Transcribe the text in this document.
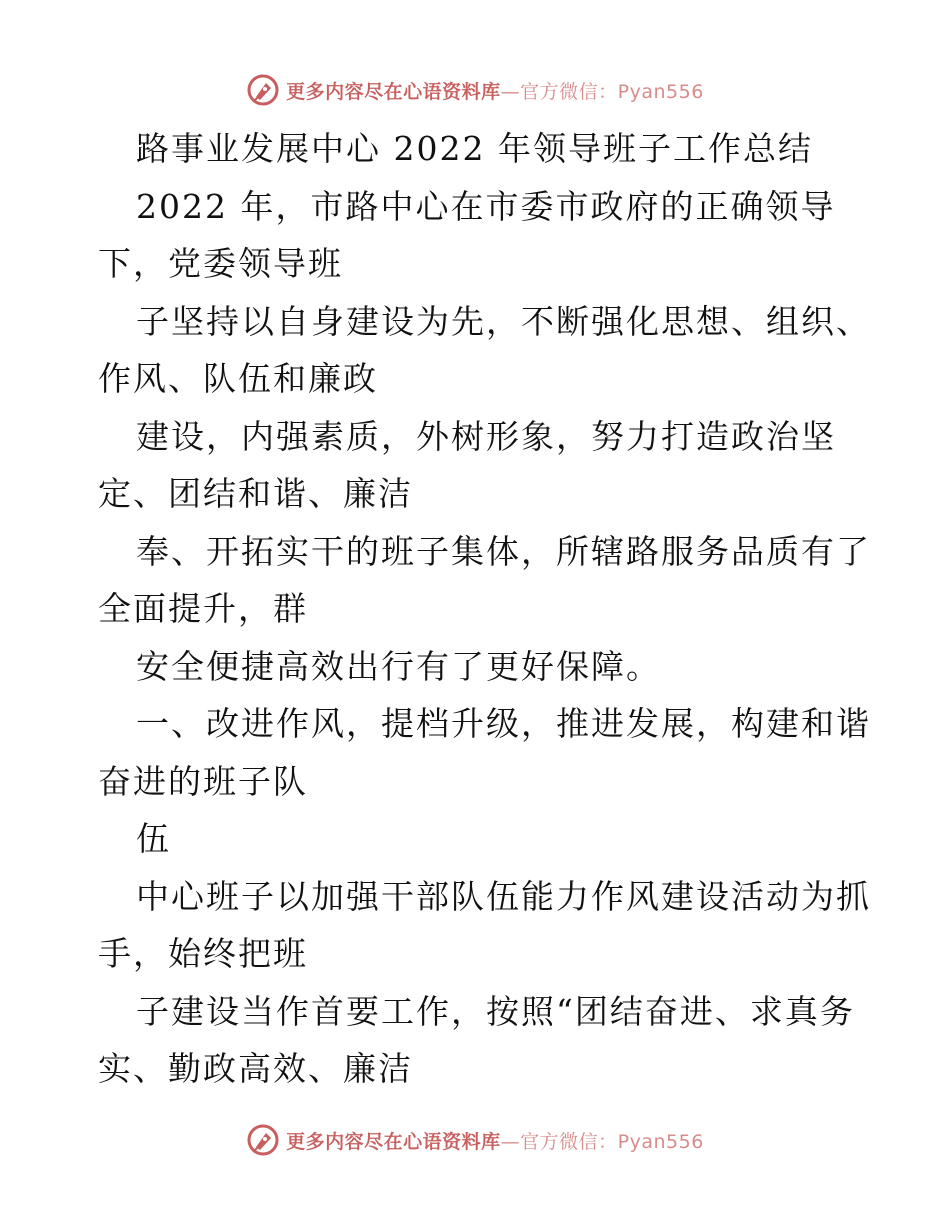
更多内容尽在心语资料库—官方微信：Pyan556
路事业发展中心 2022 年领导班子工作总结
2022 年，市路中心在市委市政府的正确领导
下，党委领导班
子坚持以自身建设为先，不断强化思想、组织、
作风、队伍和廉政
建设，内强素质，外树形象，努力打造政治坚
定、团结和谐、廉洁
奉、开拓实干的班子集体，所辖路服务品质有了
全面提升，群
安全便捷高效出行有了更好保障。
一、改进作风，提档升级，推进发展，构建和谐
奋进的班子队
伍
中心班子以加强干部队伍能力作风建设活动为抓
手，始终把班
子建设当作首要工作，按照“团结奋进、求真务
实、勤政高效、廉洁
更多内容尽在心语资料库—官方微信：Pyan556
